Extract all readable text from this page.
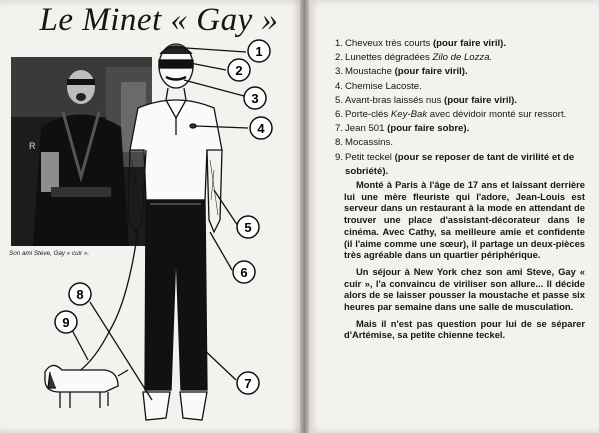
Le Minet « Gay »
R
Son ami Steve, Gay « cuir ».
1
2
3
4
5
6
7
8
9
1. Cheveux très courts (pour faire viril).
2. Lunettes dégradées Zilo de Lozza.
3. Moustache (pour faire viril).
4. Chemise Lacoste.
5. Avant-bras laissés nus (pour faire viril).
6. Porte-clés Key-Bak avec dévidoir monté sur ressort.
7. Jean 501 (pour faire sobre).
8. Mocassins.
9. Petit teckel (pour se reposer de tant de virilité et de sobriété).

Monté à Paris à l'âge de 17 ans et laissant derrière lui une mère fleuriste qui l'adore, Jean-Louis est serveur dans un restaurant à la mode en attendant de trouver une place d'assistant-décorateur dans le cinéma. Avec Cathy, sa meilleure amie et confidente (il l'aime comme une sœur), il partage un deux-pièces très agréable dans un quartier périphérique.

Un séjour à New York chez son ami Steve, Gay « cuir », l'a convaincu de viriliser son allure... Il décide alors de se laisser pousser la moustache et passe six heures par semaine dans une salle de musculation.

Mais il n'est pas question pour lui de se séparer d'Artémise, sa petite chienne teckel.
